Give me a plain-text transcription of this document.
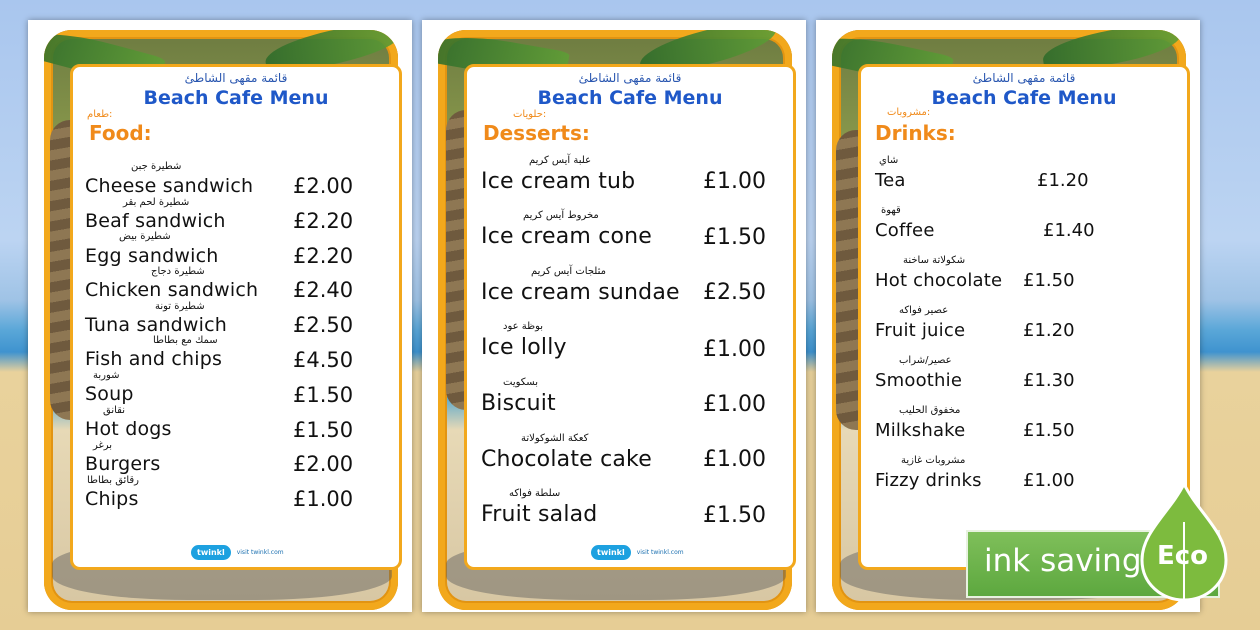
قائمة مقهى الشاطئ
Beach Cafe Menu
طعام:
Food:
شطيرة جبن
Cheese sandwich £2.00
شطيرة لحم بقر
Beaf sandwich	£2.20
شطيرة بيض
Egg sandwich	£2.20
شطيرة دجاج
Chicken sandwich £2.40
شطيرة تونة
Tuna sandwich	£2.50
سمك مع بطاطا
Fish and chips	£4.50
شوربة
Soup	£1.50
نقانق
Hot dogs	£1.50
برغر
Burgers	£2.00
رقائق بطاطا
Chips	£1.00
twinkl	visit twinkl.com
قائمة مقهى الشاطئ
Beach Cafe Menu
حلويات:
Desserts:
علبة آيس كريم
Ice cream tub	£1.00
مخروط آيس كريم
Ice cream cone £1.50
مثلجات آيس كريم
Ice cream sundae £2.50
بوظة عود
Ice lolly	£1.00
بسكويت
Biscuit	£1.00
كعكة الشوكولاتة
Chocolate cake £1.00
سلطة فواكه
Fruit salad	£1.50
twinkl	visit twinkl.com
قائمة مقهى الشاطئ
Beach Cafe Menu
مشروبات:
Drinks:
شاي
Tea	£1.20
قهوة
Coffee	£1.40
شكولاتة ساخنة
Hot chocolate £1.50
عصير فواكه
Fruit juice	£1.20
عصير/شراب
Smoothie	£1.30
مخفوق الحليب
Milkshake	£1.50
مشروبات غازية
Fizzy drinks £1.00
ink saving Eco
